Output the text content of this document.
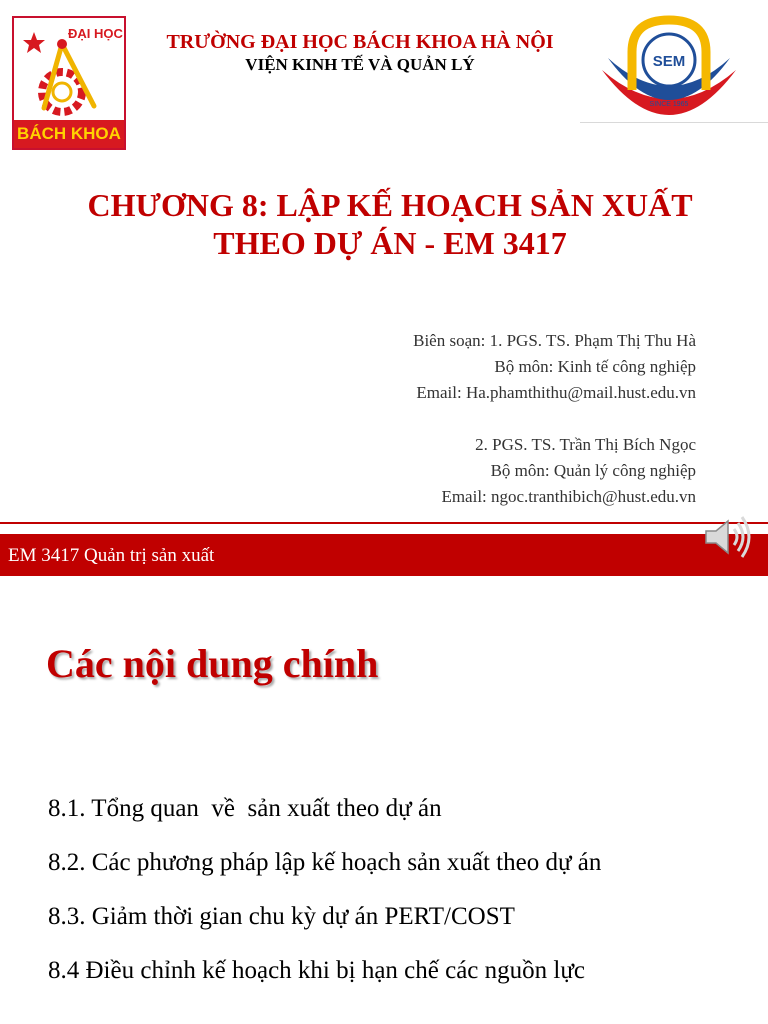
ĐẠI HỌC
BÁCH KHOA
TRƯỜNG ĐẠI HỌC BÁCH KHOA HÀ NỘI
VIỆN KINH TẾ VÀ QUẢN LÝ	SEM
SINCE 1965
CHƯƠNG 8: LẬP KẾ HOẠCH SẢN XUẤT
THEO DỰ ÁN - EM 3417
Biên soạn: 1. PGS. TS. Phạm Thị Thu Hà
Bộ môn: Kinh tế công nghiệp
Email: Ha.phamthithu@mail.hust.edu.vn
2. PGS. TS. Trần Thị Bích Ngọc
Bộ môn: Quản lý công nghiệp
Email: ngoc.tranthibich@hust.edu.vn
EM 3417 Quản trị sản xuất
Các nội dung chính
8.1. Tổng quan  về  sản xuất theo dự án
8.2. Các phương pháp lập kế hoạch sản xuất theo dự án
8.3. Giảm thời gian chu kỳ dự án PERT/COST
8.4 Điều chỉnh kế hoạch khi bị hạn chế các nguồn lực
